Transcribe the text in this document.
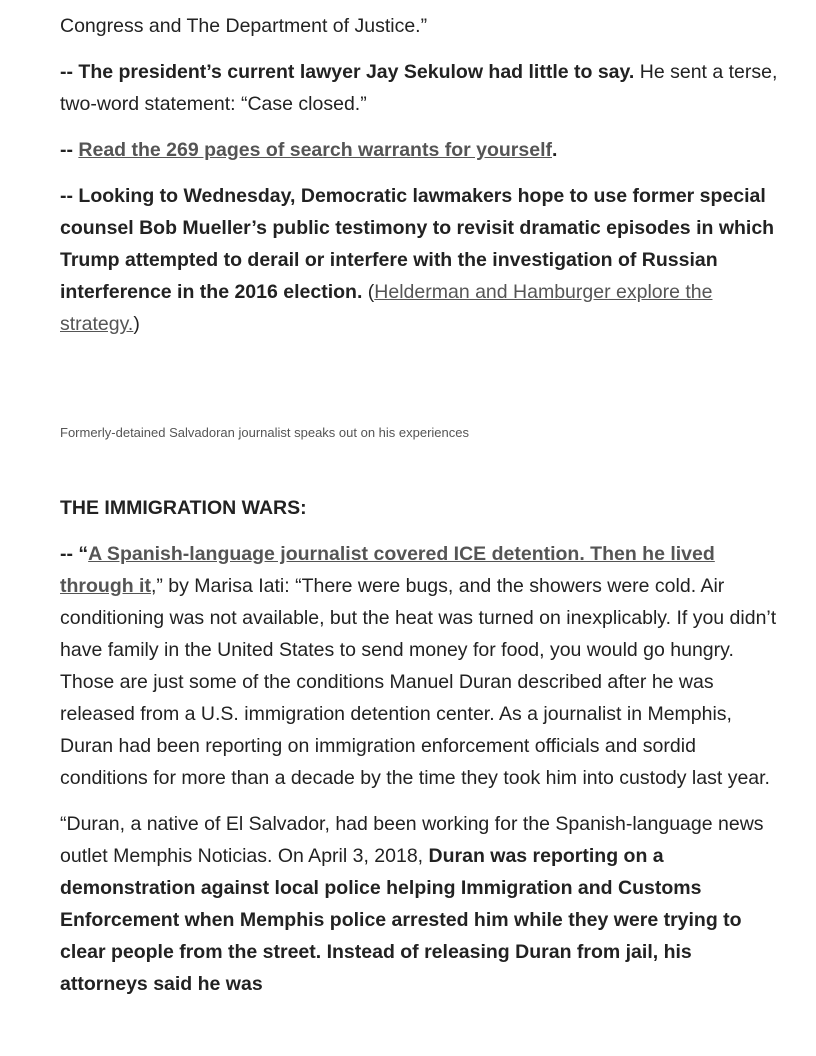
Congress and The Department of Justice.”

-- The president’s current lawyer Jay Sekulow had little to say. He sent a terse, two-word statement: “Case closed.”

-- Read the 269 pages of search warrants for yourself.

-- Looking to Wednesday, Democratic lawmakers hope to use former special counsel Bob Mueller’s public testimony to revisit dramatic episodes in which Trump attempted to derail or interfere with the investigation of Russian interference in the 2016 election. (Helderman and Hamburger explore the strategy.)

Formerly-detained Salvadoran journalist speaks out on his experiences
THE IMMIGRATION WARS:

-- “A Spanish-language journalist covered ICE detention. Then he lived through it,” by Marisa Iati: “There were bugs, and the showers were cold. Air conditioning was not available, but the heat was turned on inexplicably. If you didn’t have family in the United States to send money for food, you would go hungry. Those are just some of the conditions Manuel Duran described after he was released from a U.S. immigration detention center. As a journalist in Memphis, Duran had been reporting on immigration enforcement officials and sordid conditions for more than a decade by the time they took him into custody last year.

“Duran, a native of El Salvador, had been working for the Spanish-language news outlet Memphis Noticias. On April 3, 2018, Duran was reporting on a demonstration against local police helping Immigration and Customs Enforcement when Memphis police arrested him while they were trying to clear people from the street. Instead of releasing Duran from jail, his attorneys said he was
